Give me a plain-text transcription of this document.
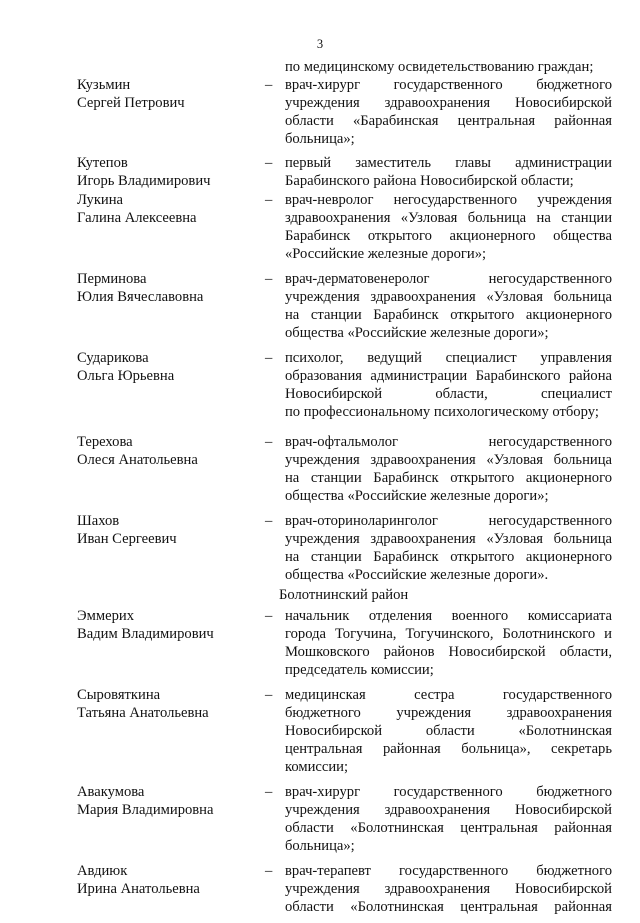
3
по медицинскому освидетельствованию граждан;
Кузьмин
Сергей Петрович
– врач-хирург государственного бюджетного
учреждения здравоохранения Новосибирской
области «Барабинская центральная районная
больница»;
Кутепов
Игорь Владимирович
– первый заместитель главы администрации
Барабинского района Новосибирской области;
Лукина
Галина Алексеевна
– врач-невролог негосударственного учреждения
здравоохранения «Узловая больница на станции
Барабинск открытого акционерного общества
«Российские железные дороги»;
Перминова
Юлия Вячеславовна
– врач-дерматовенеролог негосударственного
учреждения здравоохранения «Узловая больница
на станции Барабинск открытого акционерного
общества «Российские железные дороги»;
Сударикова
Ольга Юрьевна
– психолог, ведущий специалист управления
образования администрации Барабинского района
Новосибирской области, специалист
по профессиональному психологическому отбору;
Терехова
Олеся Анатольевна
– врач-офтальмолог негосударственного
учреждения здравоохранения «Узловая больница
на станции Барабинск открытого акционерного
общества «Российские железные дороги»;
Шахов
Иван Сергеевич
– врач-оториноларинголог негосударственного
учреждения здравоохранения «Узловая больница
на станции Барабинск открытого акционерного
общества «Российские железные дороги».
Болотнинский район
Эммерих
Вадим Владимирович
– начальник отделения военного комиссариата
города Тогучина, Тогучинского, Болотнинского и
Мошковского районов Новосибирской области,
председатель комиссии;
Сыровяткина
Татьяна Анатольевна
– медицинская сестра государственного
бюджетного учреждения здравоохранения
Новосибирской области «Болотнинская
центральная районная больница», секретарь
комиссии;
Авакумова
Мария Владимировна
– врач-хирург государственного бюджетного
учреждения здравоохранения Новосибирской
области «Болотнинская центральная районная
больница»;
Авдиюк
Ирина Анатольевна
– врач-терапевт государственного бюджетного
учреждения здравоохранения Новосибирской
области «Болотнинская центральная районная
